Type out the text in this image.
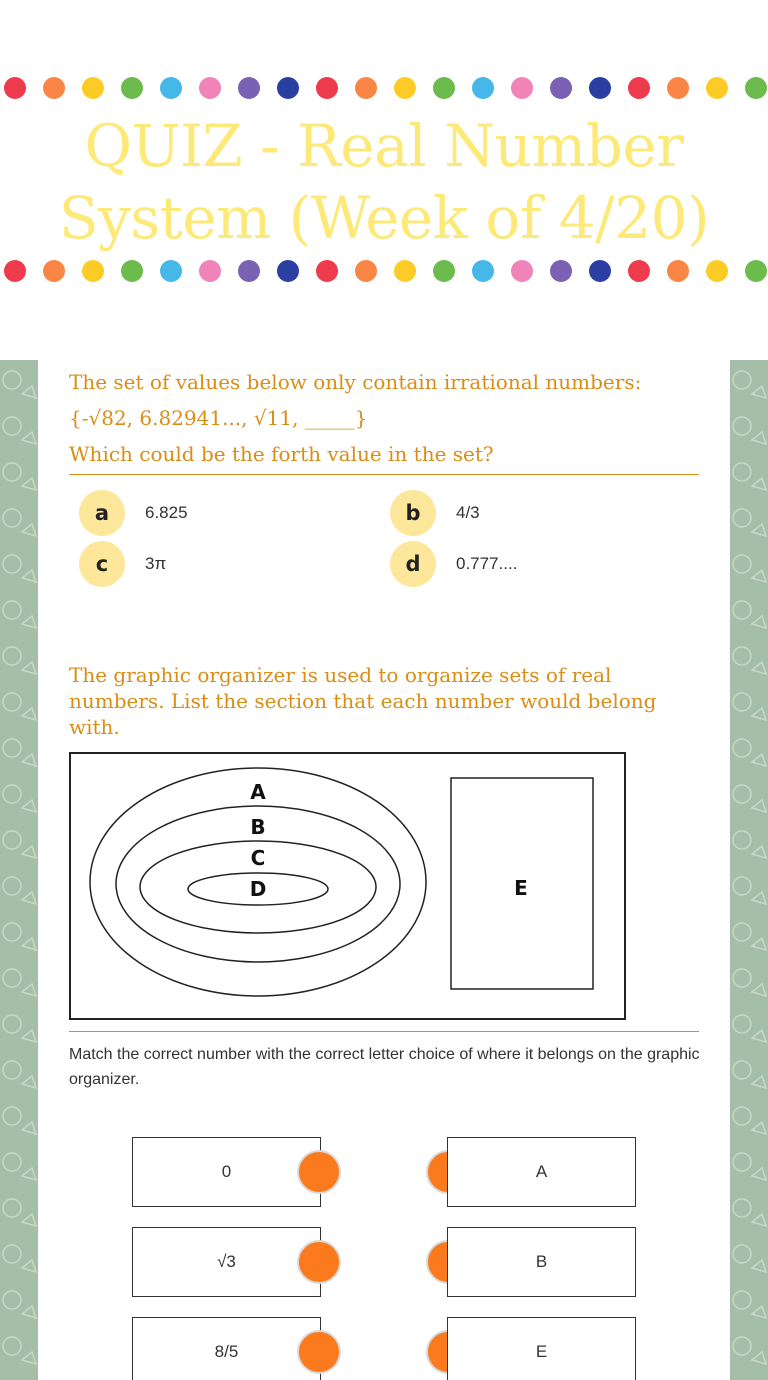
QUIZ - Real Number
System (Week of 4/20)
The set of values below only contain irrational numbers:
{-√82, 6.82941..., √11, _____}
Which could be the forth value in the set?
a	6.825	b	4/3
c	3π	d	0.777....
The graphic organizer is used to organize sets of real numbers. List the section that each number would belong with.
A
B
C
D	E
Match the correct number with the correct letter choice of where it belongs on the graphic organizer.
0	A
√3	B
8/5	E
